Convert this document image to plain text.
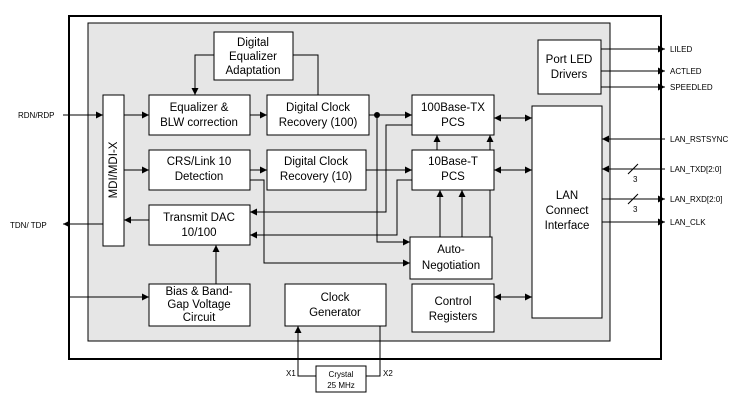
Digital
Equalizer
Adaptation
Port LED
Drivers
MDI/MDI-X
Equalizer &
BLW correction
Digital Clock
Recovery (100)
100Base-TX
PCS
CRS/Link 10
Detection
Digital Clock
Recovery (10)
10Base-T
PCS
LAN
Connect
Interface
Transmit DAC
10/100
Auto-
Negotiation
Bias & Band-
Gap Voltage
Circuit
Clock
Generator
Control
Registers
Crystal
25 MHz
RDN/RDP
TDN/ TDP
LILED
ACTLED
SPEEDLED
LAN_RSTSYNC
LAN_TXD[2:0]
LAN_RXD[2:0]
LAN_CLK
X1	X2
3
3
